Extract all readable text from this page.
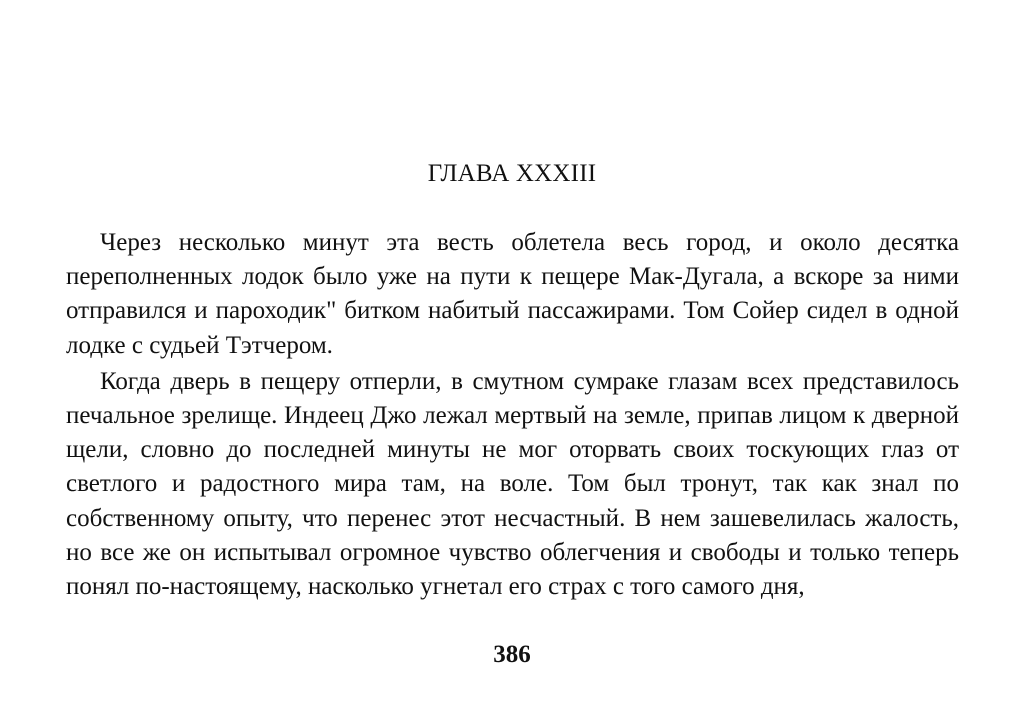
ГЛАВА XXXIII

Через несколько минут эта весть облетела весь город, и около десятка переполненных лодок было уже на пути к пещере Мак-Дугала, а вскоре за ними отправился и пароходик" битком набитый пассажирами. Том Сойер сидел в одной лодке с судьей Тэтчером.

Когда дверь в пещеру отперли, в смутном сумраке глазам всех представилось печальное зрелище. Индеец Джо лежал мертвый на земле, припав лицом к дверной щели, словно до последней минуты не мог оторвать своих тоскующих глаз от светлого и радостного мира там, на воле. Том был тронут, так как знал по собственному опыту, что перенес этот несчастный. В нем зашевелилась жалость, но все же он испытывал огромное чувство облегчения и свободы и только теперь понял по-настоящему, насколько угнетал его страх с того самого дня,

386
